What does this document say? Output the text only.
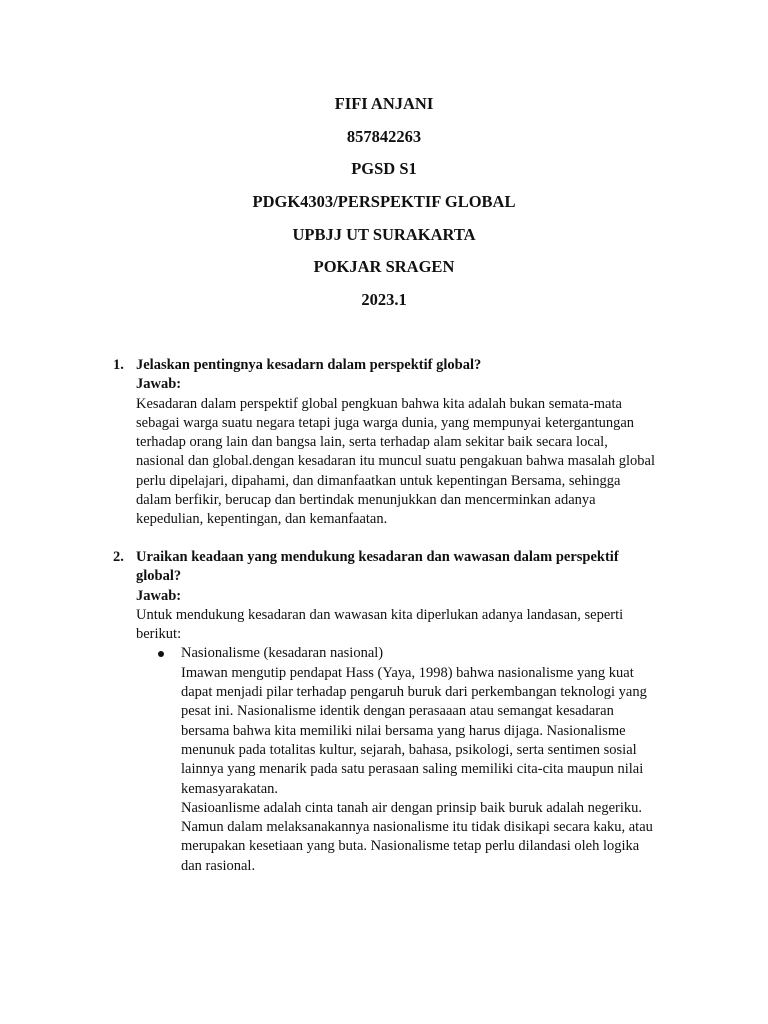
FIFI ANJANI
857842263
PGSD S1
PDGK4303/PERSPEKTIF GLOBAL
UPBJJ UT SURAKARTA
POKJAR SRAGEN
2023.1
1. Jelaskan pentingnya kesadarn dalam perspektif global?
Jawab:
Kesadaran dalam perspektif global pengkuan bahwa kita adalah bukan semata-mata
sebagai warga suatu negara tetapi juga warga dunia, yang mempunyai ketergantungan
terhadap orang lain dan bangsa lain, serta terhadap alam sekitar baik secara local,
nasional dan global.dengan kesadaran itu muncul suatu pengakuan bahwa masalah global
perlu dipelajari, dipahami, dan dimanfaatkan untuk kepentingan Bersama, sehingga
dalam berfikir, berucap dan bertindak menunjukkan dan mencerminkan adanya
kepedulian, kepentingan, dan kemanfaatan.
2. Uraikan keadaan yang mendukung kesadaran dan wawasan dalam perspektif
global?
Jawab:
Untuk mendukung kesadaran dan wawasan kita diperlukan adanya landasan, seperti
berikut:
Nasionalisme (kesadaran nasional)
Imawan mengutip pendapat Hass (Yaya, 1998) bahwa nasionalisme yang kuat
dapat menjadi pilar terhadap pengaruh buruk dari perkembangan teknologi yang
pesat ini. Nasionalisme identik dengan perasaaan atau semangat kesadaran
bersama bahwa kita memiliki nilai bersama yang harus dijaga. Nasionalisme
menunuk pada totalitas kultur, sejarah, bahasa, psikologi, serta sentimen sosial
lainnya yang menarik pada satu perasaan saling memiliki cita-cita maupun nilai
kemasyarakatan.
Nasioanlisme adalah cinta tanah air dengan prinsip baik buruk adalah negeriku.
Namun dalam melaksanakannya nasionalisme itu tidak disikapi secara kaku, atau
merupakan kesetiaan yang buta. Nasionalisme tetap perlu dilandasi oleh logika
dan rasional.
